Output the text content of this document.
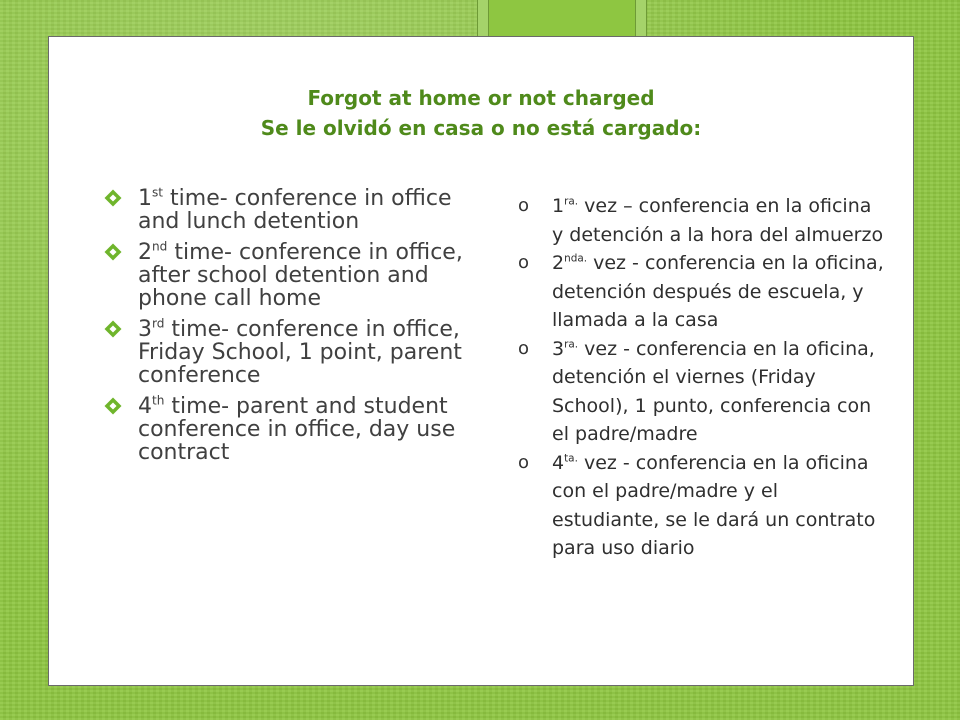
Forgot at home or not charged
Se le olvidó en casa o no está cargado:
1st time- conference in office and lunch detention
2nd time- conference in office, after school detention and phone call home
3rd time- conference in office, Friday School, 1 point, parent conference
4th time- parent and student conference in office, day use contract
o $1^{ra.}$ vez – conferencia en la oficina y detención a la hora del almuerzo
o $2^{nda.}$ vez - conferencia en la oficina, detención después de escuela, y llamada a la casa
o $3^{ra.}$ vez - conferencia en la oficina, detención el viernes (Friday School), 1 punto, conferencia con el padre/madre
o $4^{ta.}$ vez - conferencia en la oficina con el padre/madre y el estudiante, se le dará un contrato para uso diario
